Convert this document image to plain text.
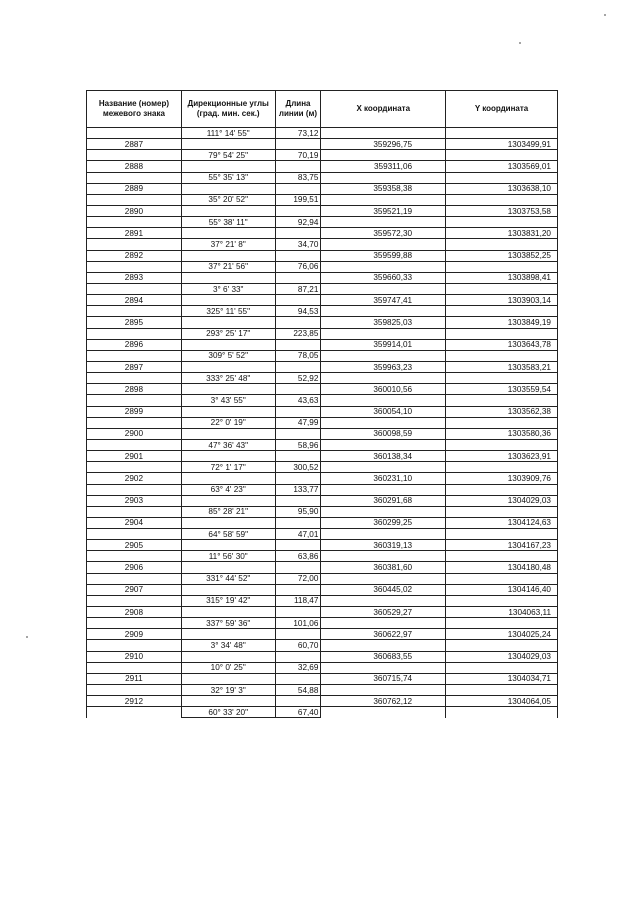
Название (номер) межевого знака	Дирекционные углы (град. мин. сек.)	Длина линии (м)	X координата	Y координата
	111° 14' 55"	73,12		
2887			359296,75	1303499,91
	79° 54' 25"	70,19		
2888			359311,06	1303569,01
	55° 35' 13"	83,75		
2889			359358,38	1303638,10
	35° 20' 52"	199,51		
2890			359521,19	1303753,58
	55° 38' 11"	92,94		
2891			359572,30	1303831,20
	37° 21' 8"	34,70		
2892			359599,88	1303852,25
	37° 21' 56"	76,06		
2893			359660,33	1303898,41
	3° 6' 33"	87,21		
2894			359747,41	1303903,14
	325° 11' 55"	94,53		
2895			359825,03	1303849,19
	293° 25' 17"	223,85		
2896			359914,01	1303643,78
	309° 5' 52"	78,05		
2897			359963,23	1303583,21
	333° 25' 48"	52,92		
2898			360010,56	1303559,54
	3° 43' 55"	43,63		
2899			360054,10	1303562,38
	22° 0' 19"	47,99		
2900			360098,59	1303580,36
	47° 36' 43"	58,96		
2901			360138,34	1303623,91
	72° 1' 17"	300,52		
2902			360231,10	1303909,76
	63° 4' 23"	133,77		
2903			360291,68	1304029,03
	85° 28' 21"	95,90		
2904			360299,25	1304124,63
	64° 58' 59"	47,01		
2905			360319,13	1304167,23
	11° 56' 30"	63,86		
2906			360381,60	1304180,48
	331° 44' 52"	72,00		
2907			360445,02	1304146,40
	315° 19' 42"	118,47		
2908			360529,27	1304063,11
	337° 59' 36"	101,06		
2909			360622,97	1304025,24
	3° 34' 48"	60,70		
2910			360683,55	1304029,03
	10° 0' 25"	32,69		
2911			360715,74	1304034,71
	32° 19' 3"	54,88		
2912			360762,12	1304064,05
	60° 33' 20"	67,40		
